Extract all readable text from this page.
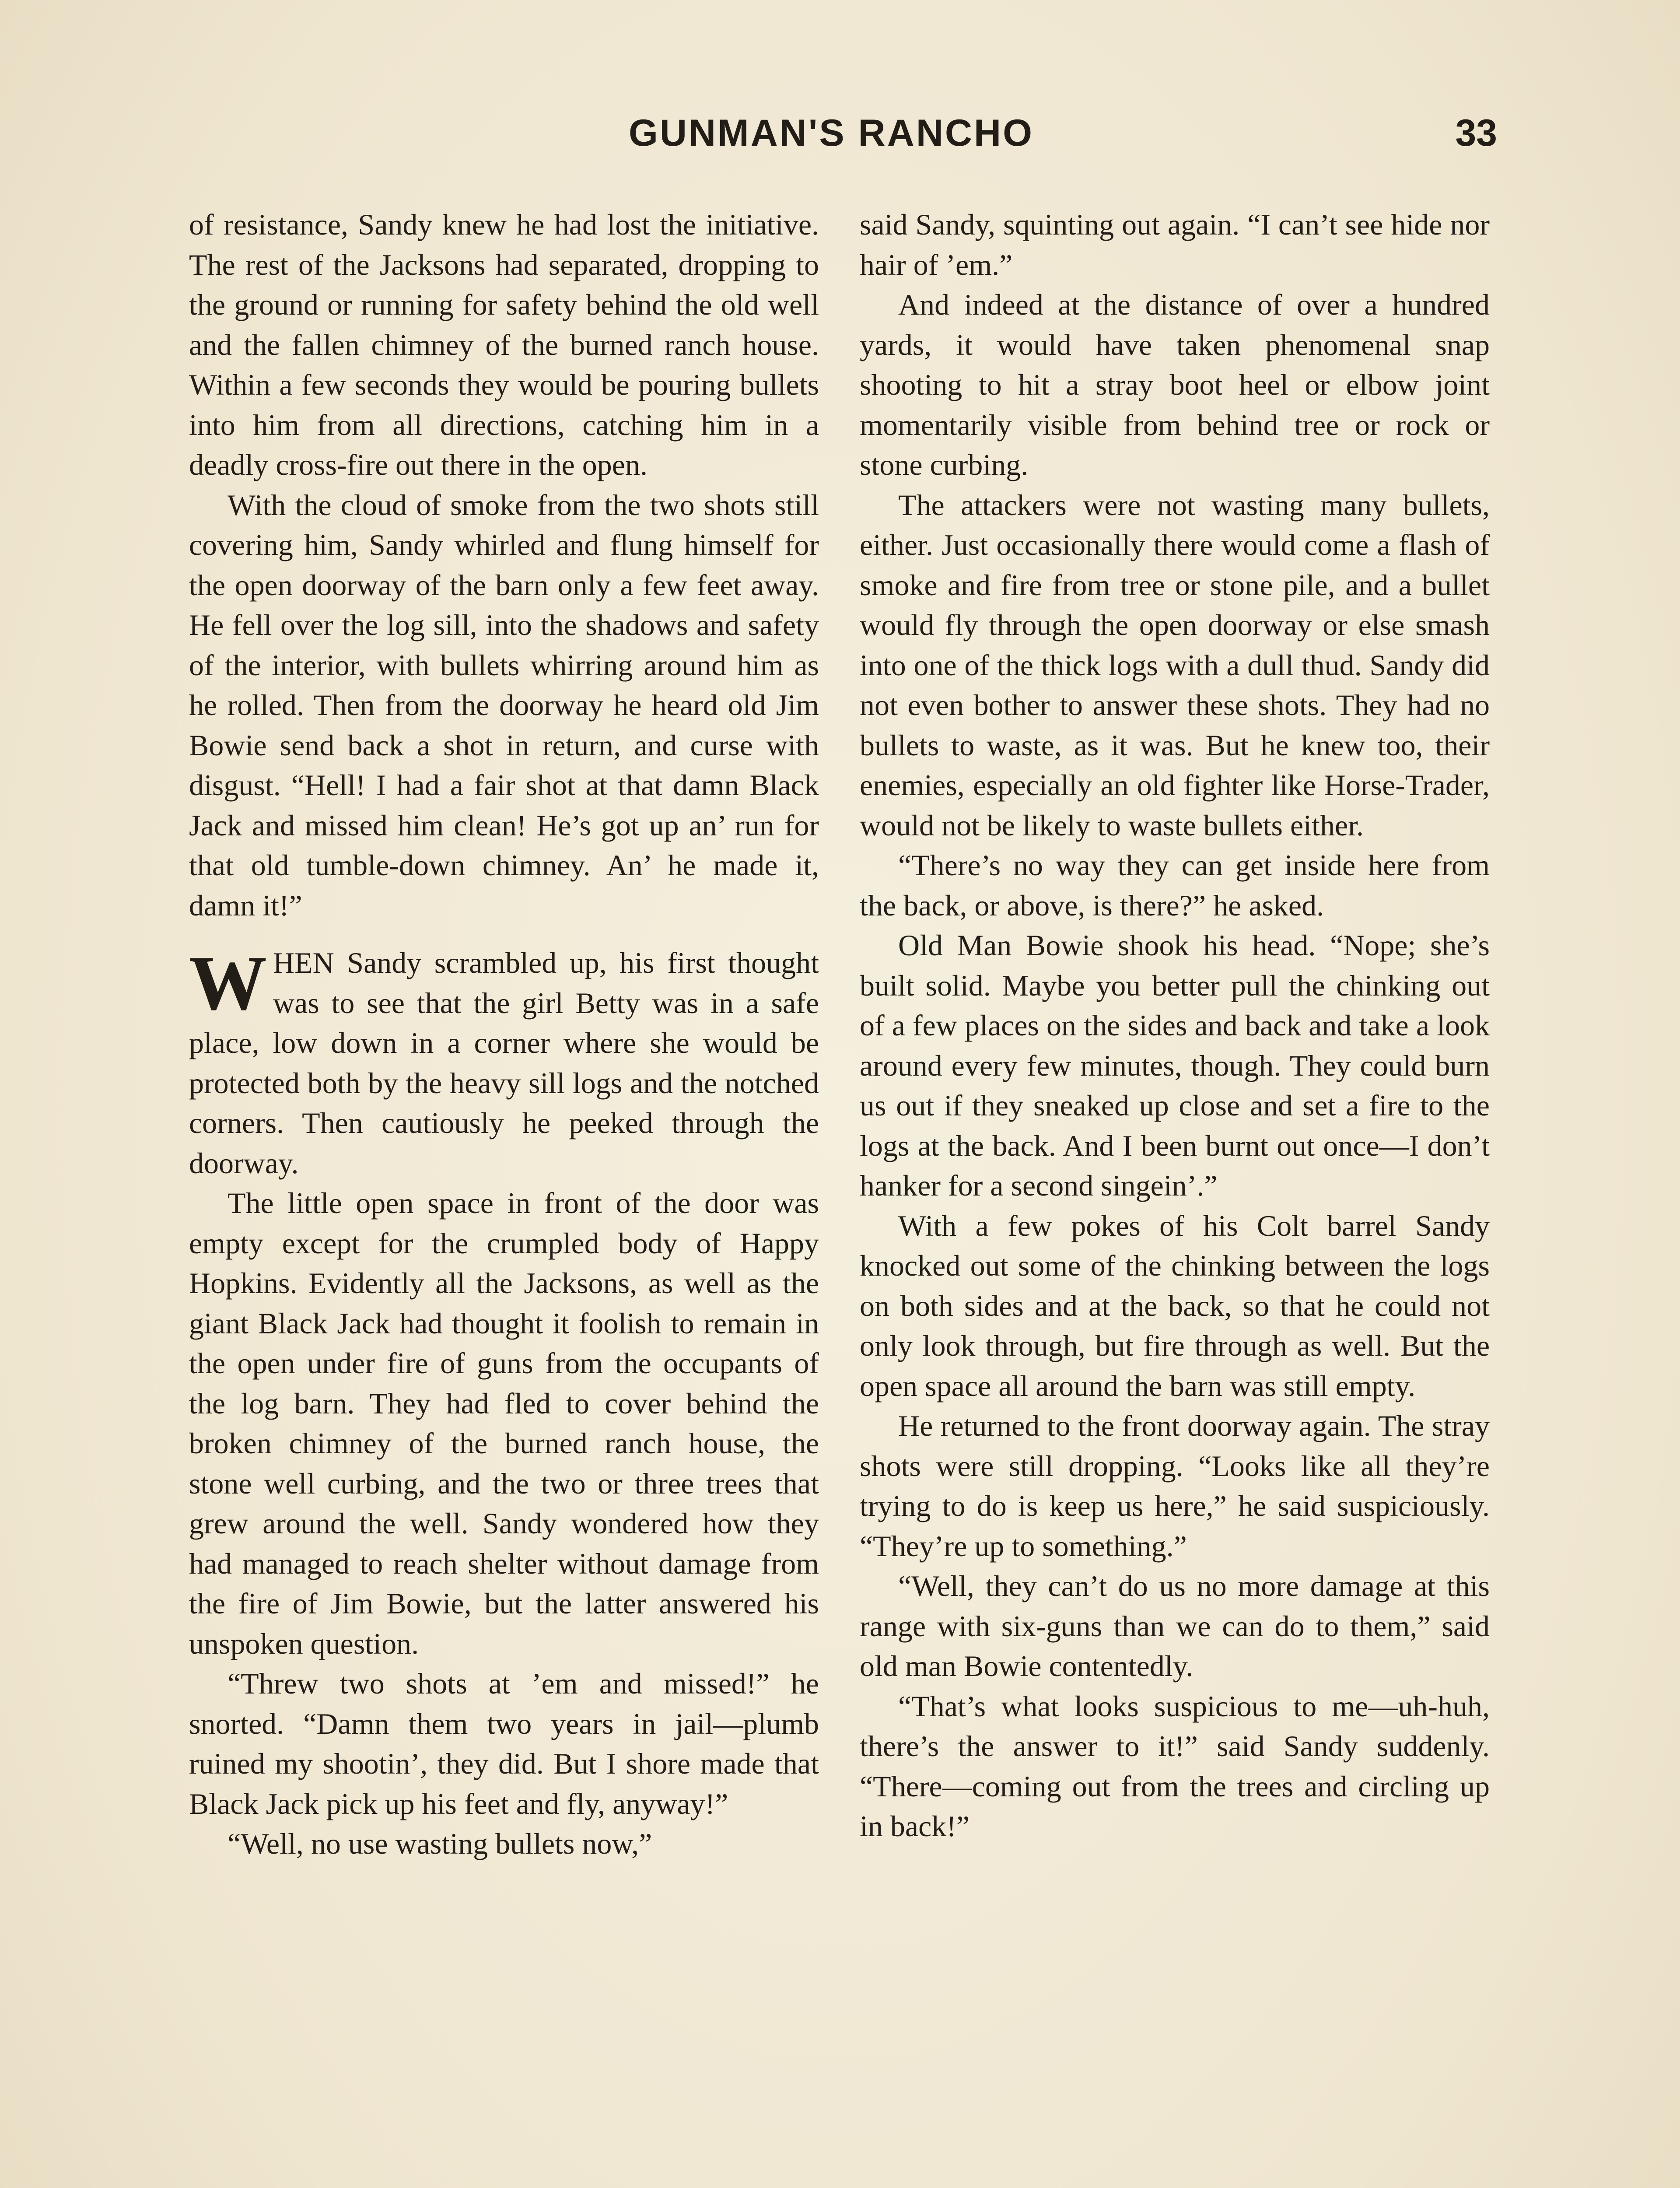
GUNMAN'S RANCHO	33

of resistance, Sandy knew he had lost the initiative. The rest of the Jacksons had separated, dropping to the ground or running for safety behind the old well and the fallen chimney of the burned ranch house. Within a few seconds they would be pouring bullets into him from all directions, catching him in a deadly cross-fire out there in the open.

With the cloud of smoke from the two shots still covering him, Sandy whirled and flung himself for the open doorway of the barn only a few feet away. He fell over the log sill, into the shadows and safety of the interior, with bullets whirring around him as he rolled. Then from the doorway he heard old Jim Bowie send back a shot in return, and curse with disgust. “Hell! I had a fair shot at that damn Black Jack and missed him clean! He’s got up an’ run for that old tumble-down chimney. An’ he made it, damn it!”

WHEN Sandy scrambled up, his first thought was to see that the girl Betty was in a safe place, low down in a corner where she would be protected both by the heavy sill logs and the notched corners. Then cautiously he peeked through the doorway.

The little open space in front of the door was empty except for the crumpled body of Happy Hopkins. Evidently all the Jacksons, as well as the giant Black Jack had thought it foolish to remain in the open under fire of guns from the occupants of the log barn. They had fled to cover behind the broken chimney of the burned ranch house, the stone well curbing, and the two or three trees that grew around the well. Sandy wondered how they had managed to reach shelter without damage from the fire of Jim Bowie, but the latter answered his unspoken question.

“Threw two shots at ’em and missed!” he snorted. “Damn them two years in jail—plumb ruined my shootin’, they did. But I shore made that Black Jack pick up his feet and fly, anyway!”

“Well, no use wasting bullets now,”

said Sandy, squinting out again. “I can’t see hide nor hair of ’em.”

And indeed at the distance of over a hundred yards, it would have taken phenomenal snap shooting to hit a stray boot heel or elbow joint momentarily visible from behind tree or rock or stone curbing.

The attackers were not wasting many bullets, either. Just occasionally there would come a flash of smoke and fire from tree or stone pile, and a bullet would fly through the open doorway or else smash into one of the thick logs with a dull thud. Sandy did not even bother to answer these shots. They had no bullets to waste, as it was. But he knew too, their enemies, especially an old fighter like Horse-Trader, would not be likely to waste bullets either.

“There’s no way they can get inside here from the back, or above, is there?” he asked.

Old Man Bowie shook his head. “Nope; she’s built solid. Maybe you better pull the chinking out of a few places on the sides and back and take a look around every few minutes, though. They could burn us out if they sneaked up close and set a fire to the logs at the back. And I been burnt out once—I don’t hanker for a second singein’.”

With a few pokes of his Colt barrel Sandy knocked out some of the chinking between the logs on both sides and at the back, so that he could not only look through, but fire through as well. But the open space all around the barn was still empty.

He returned to the front doorway again. The stray shots were still dropping. “Looks like all they’re trying to do is keep us here,” he said suspiciously. “They’re up to something.”

“Well, they can’t do us no more damage at this range with six-guns than we can do to them,” said old man Bowie contentedly.

“That’s what looks suspicious to me—uh-huh, there’s the answer to it!” said Sandy suddenly. “There—coming out from the trees and circling up in back!”
